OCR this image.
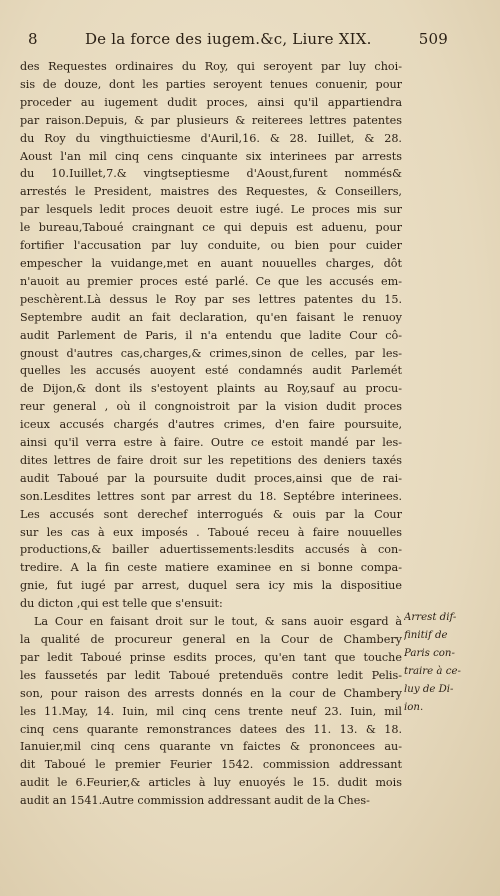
8	De la force des iugem.&c, Liure XIX.	509
des Requestes ordinaires du Roy, qui seroyent par luy choi-
sis de douze, dont les parties seroyent tenues conuenir, pour
proceder au iugement dudit proces, ainsi qu'il appartiendra
par raison.Depuis, & par plusieurs & reiterees lettres patentes
du Roy du vingthuictiesme d'Auril,16. & 28. Iuillet, & 28.
Aoust l'an mil cinq cens cinquante six interinees par arrests
du 10.Iuillet,7.& vingtseptiesme d'Aoust,furent nommés&
arrestés le President, maistres des Requestes, & Conseillers,
par lesquels ledit proces deuoit estre iugé. Le proces mis sur
le bureau,Taboué craingnant ce qui depuis est aduenu, pour
fortifier l'accusation par luy conduite, ou bien pour cuider
empescher la vuidange,met en auant nouuelles charges, dôt
n'auoit au premier proces esté parlé. Ce que les accusés em-
peschèrent.Là dessus le Roy par ses lettres patentes du 15.
Septembre audit an fait declaration, qu'en faisant le renuoy
audit Parlement de Paris, il n'a entendu que ladite Cour cô-
gnoust d'autres cas,charges,& crimes,sinon de celles, par les-
quelles les accusés auoyent esté condamnés audit Parlemét
de Dijon,& dont ils s'estoyent plaints au Roy,sauf au procu-
reur general , où il congnoistroit par la vision dudit proces
iceux accusés chargés d'autres crimes, d'en faire poursuite,
ainsi qu'il verra estre à faire. Outre ce estoit mandé par les-
dites lettres de faire droit sur les repetitions des deniers taxés
audit Taboué par la poursuite dudit proces,ainsi que de rai-
son.Lesdites lettres sont par arrest du 18. Septébre interinees.
Les accusés sont derechef interrogués & ouis par la Cour
sur les cas à eux imposés . Taboué receu à faire nouuelles
productions,& bailler aduertissements:lesdits accusés à con-
tredire. A la fin ceste matiere examinee en si bonne compa-
gnie, fut iugé par arrest, duquel sera icy mis la dispositiue
du dicton ,qui est telle que s'ensuit:
La Cour en faisant droit sur le tout, & sans auoir esgard à
la qualité de procureur general en la Cour de Chambery
par ledit Taboué prinse esdits proces, qu'en tant que touche
les faussetés par ledit Taboué pretenduës contre ledit Pelis-
son, pour raison des arrests donnés en la cour de Chambery
les 11.May, 14. Iuin, mil cinq cens trente neuf 23. Iuin, mil
cinq cens quarante remonstrances datees des 11. 13. & 18.
Ianuier,mil cinq cens quarante vn faictes & prononcees au-
dit Taboué le premier Feurier 1542. commission addressant
audit le 6.Feurier,& articles à luy enuoyés le 15. dudit mois
audit an 1541.Autre commission addressant audit de la Ches-
Arrest dif-
finitif de
Paris con-
traire à ce-
luy de Di-
ion.
